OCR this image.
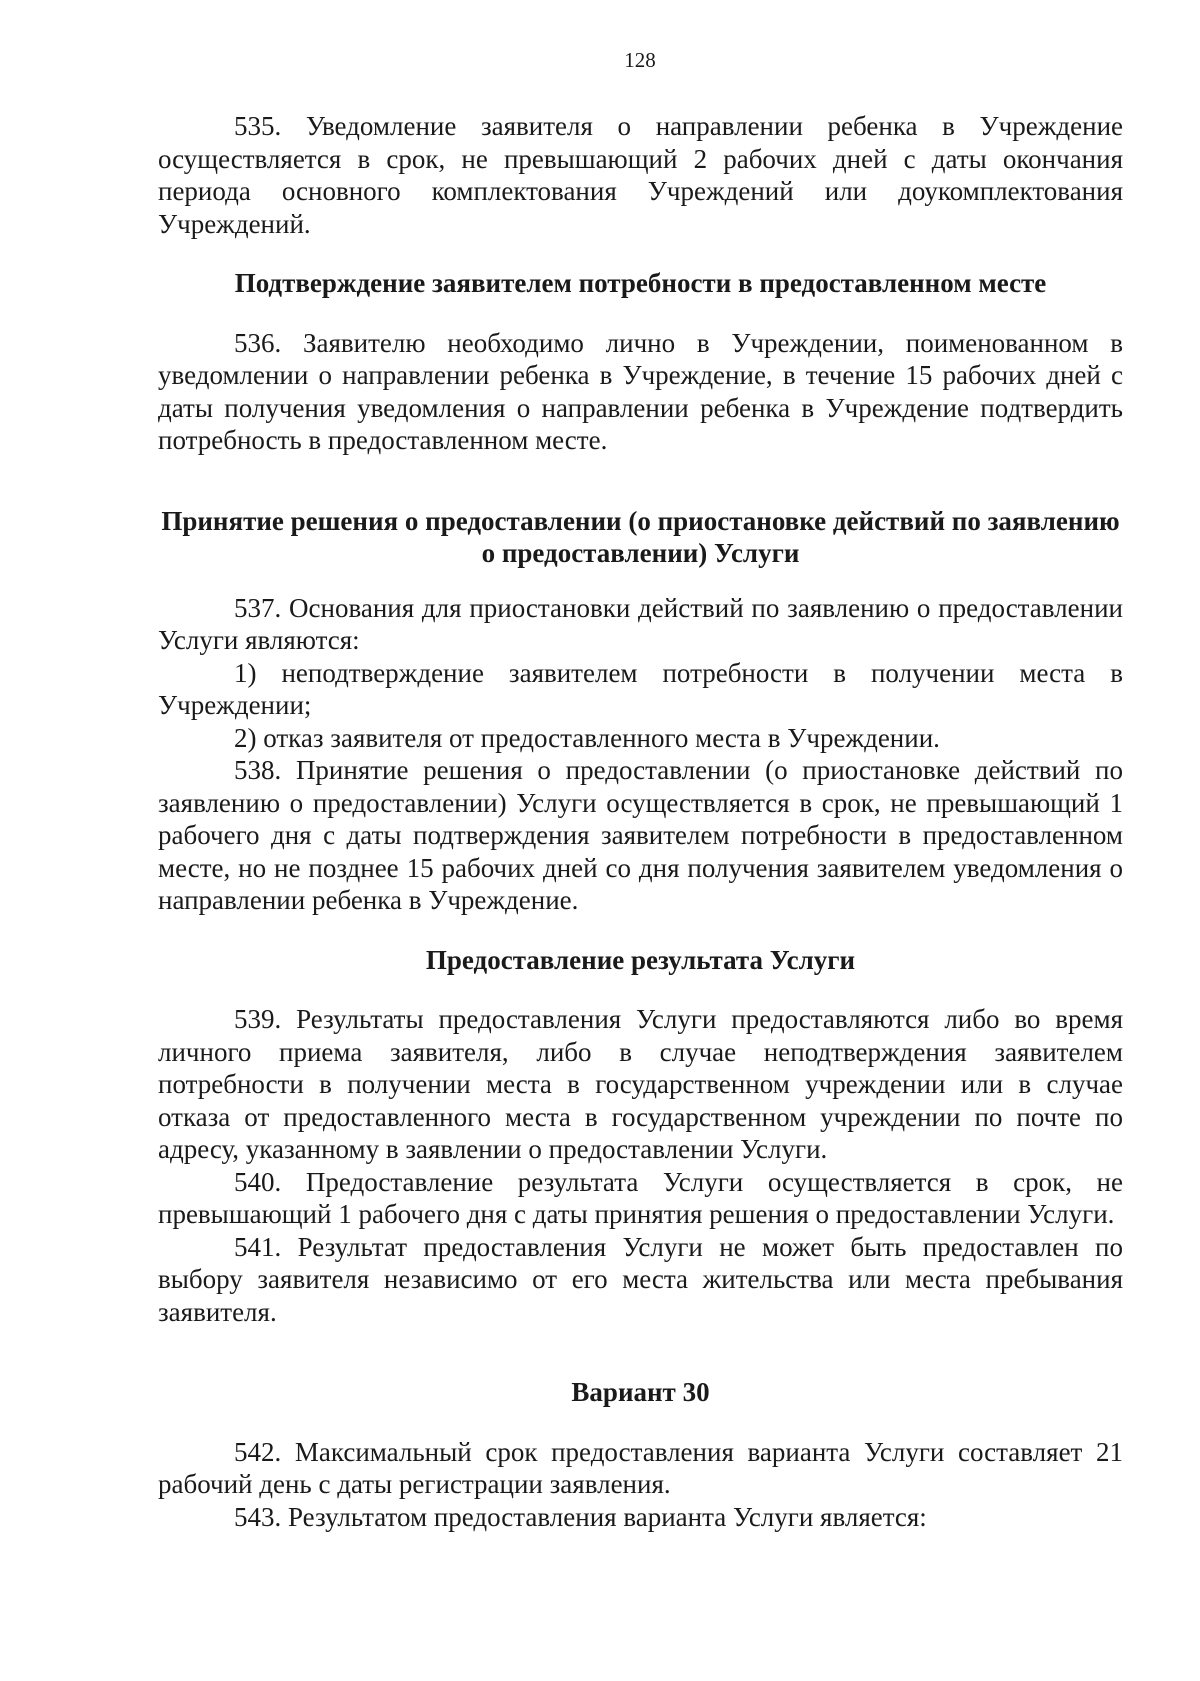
128

535. Уведомление заявителя о направлении ребенка в Учреждение осуществляется в срок, не превышающий 2 рабочих дней с даты окончания периода основного комплектования Учреждений или доукомплектования Учреждений.

Подтверждение заявителем потребности в предоставленном месте

536. Заявителю необходимо лично в Учреждении, поименованном в уведомлении о направлении ребенка в Учреждение, в течение 15 рабочих дней с даты получения уведомления о направлении ребенка в Учреждение подтвердить потребность в предоставленном месте.

Принятие решения о предоставлении (о приостановке действий по заявлению о предоставлении) Услуги

537. Основания для приостановки действий по заявлению о предоставлении Услуги являются:

1) неподтверждение заявителем потребности в получении места в Учреждении;

2) отказ заявителя от предоставленного места в Учреждении.

538. Принятие решения о предоставлении (о приостановке действий по заявлению о предоставлении) Услуги осуществляется в срок, не превышающий 1 рабочего дня с даты подтверждения заявителем потребности в предоставленном месте, но не позднее 15 рабочих дней со дня получения заявителем уведомления о направлении ребенка в Учреждение.

Предоставление результата Услуги

539. Результаты предоставления Услуги предоставляются либо во время личного приема заявителя, либо в случае неподтверждения заявителем потребности в получении места в государственном учреждении или в случае отказа от предоставленного места в государственном учреждении по почте по адресу, указанному в заявлении о предоставлении Услуги.

540. Предоставление результата Услуги осуществляется в срок, не превышающий 1 рабочего дня с даты принятия решения о предоставлении Услуги.

541. Результат предоставления Услуги не может быть предоставлен по выбору заявителя независимо от его места жительства или места пребывания заявителя.

Вариант 30

542. Максимальный срок предоставления варианта Услуги составляет 21 рабочий день с даты регистрации заявления.

543. Результатом предоставления варианта Услуги является:
